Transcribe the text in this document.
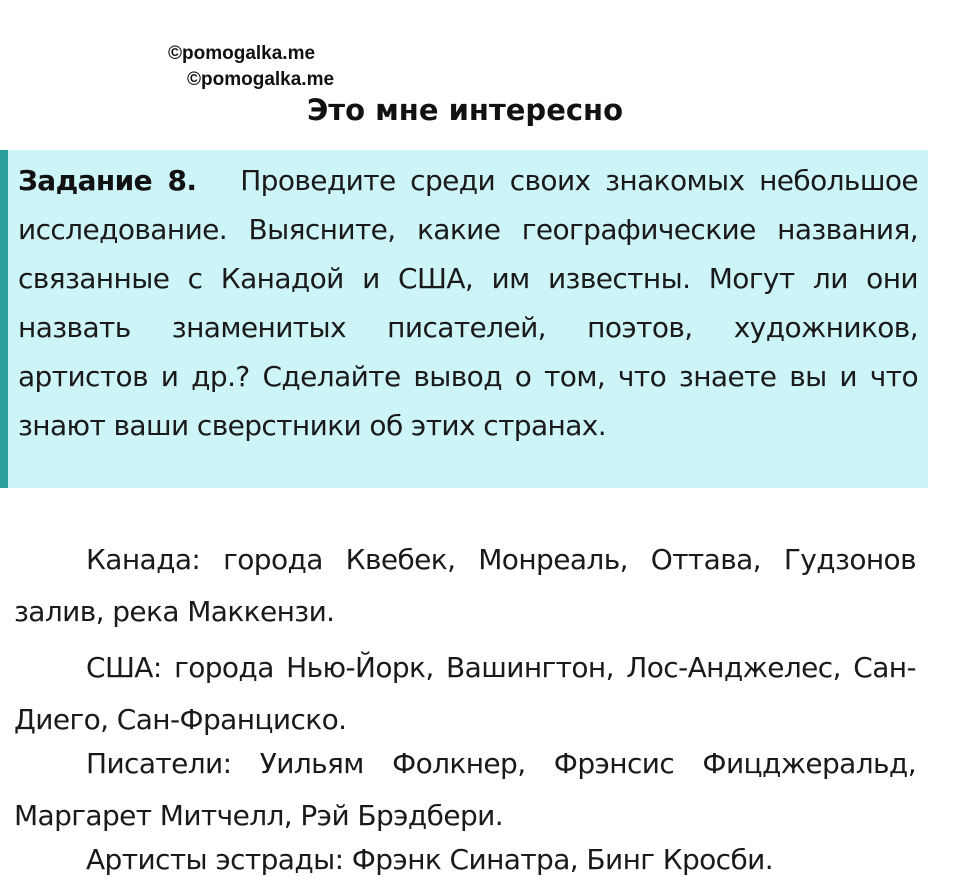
©pomogalka.me
©pomogalka.me
Это мне интересно
Задание 8. Проведите среди своих знакомых небольшое исследование. Выясните, какие географические названия, связанные с Канадой и США, им известны. Могут ли они назвать знаменитых писателей, поэтов, художников, артистов и др.? Сделайте вывод о том, что знаете вы и что знают ваши сверстники об этих странах.

Канада: города Квебек, Монреаль, Оттава, Гудзонов залив, река Маккензи.

США: города Нью-Йорк, Вашингтон, Лос-Анджелес, Сан-Диего, Сан-Франциско.

Писатели: Уильям Фолкнер, Фрэнсис Фицджеральд, Маргарет Митчелл, Рэй Брэдбери.

Артисты эстрады: Фрэнк Синатра, Бинг Кросби.
